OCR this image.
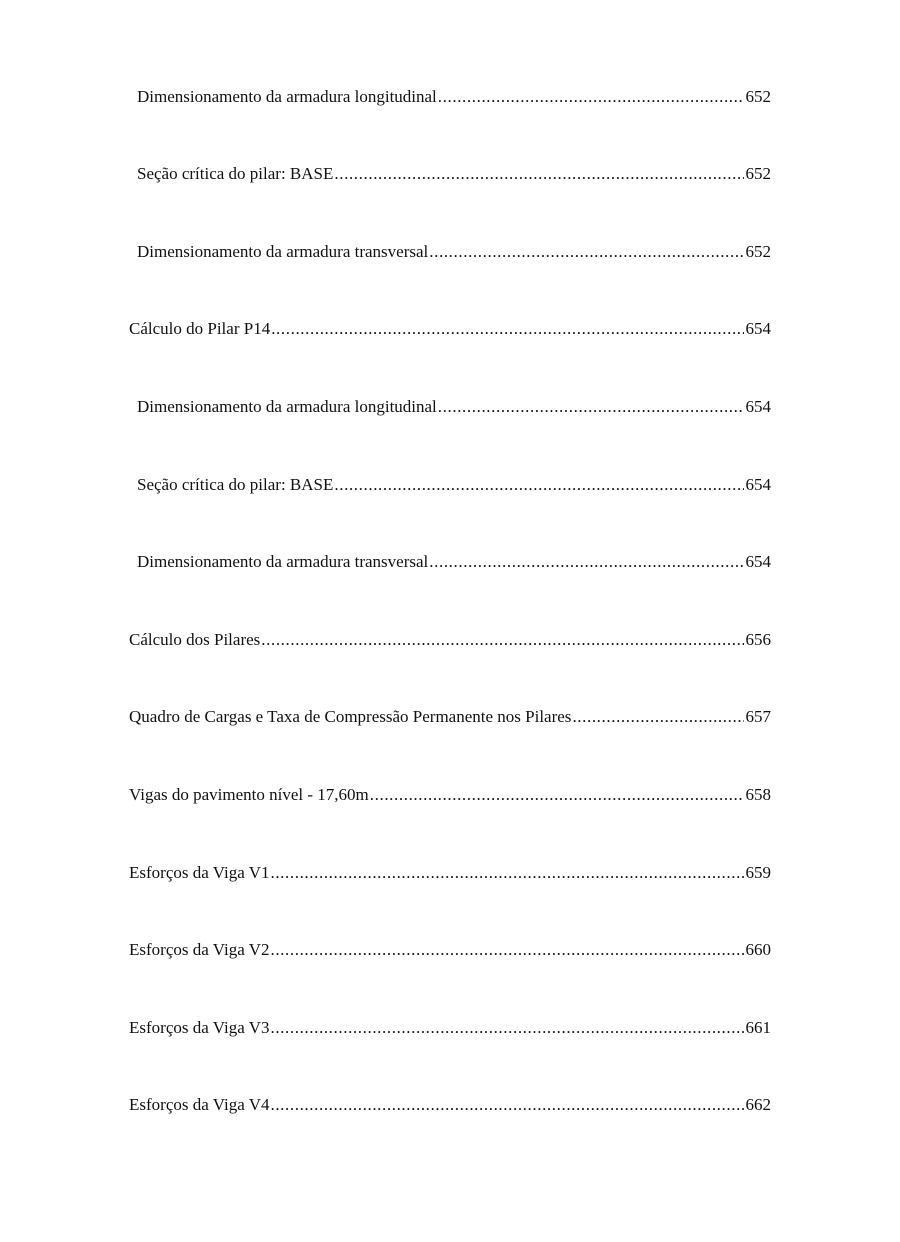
Dimensionamento da armadura longitudinal .....	652
Seção crítica do pilar: BASE .....	652
Dimensionamento da armadura transversal .....	652
Cálculo do Pilar P14 .....	654
Dimensionamento da armadura longitudinal .....	654
Seção crítica do pilar: BASE .....	654
Dimensionamento da armadura transversal .....	654
Cálculo dos Pilares .....	656
Quadro de Cargas e Taxa de Compressão Permanente nos Pilares .....	657
Vigas do pavimento nível - 17,60m .....	658
Esforços da Viga V1 .....	659
Esforços da Viga V2 .....	660
Esforços da Viga V3 .....	661
Esforços da Viga V4 .....	662
